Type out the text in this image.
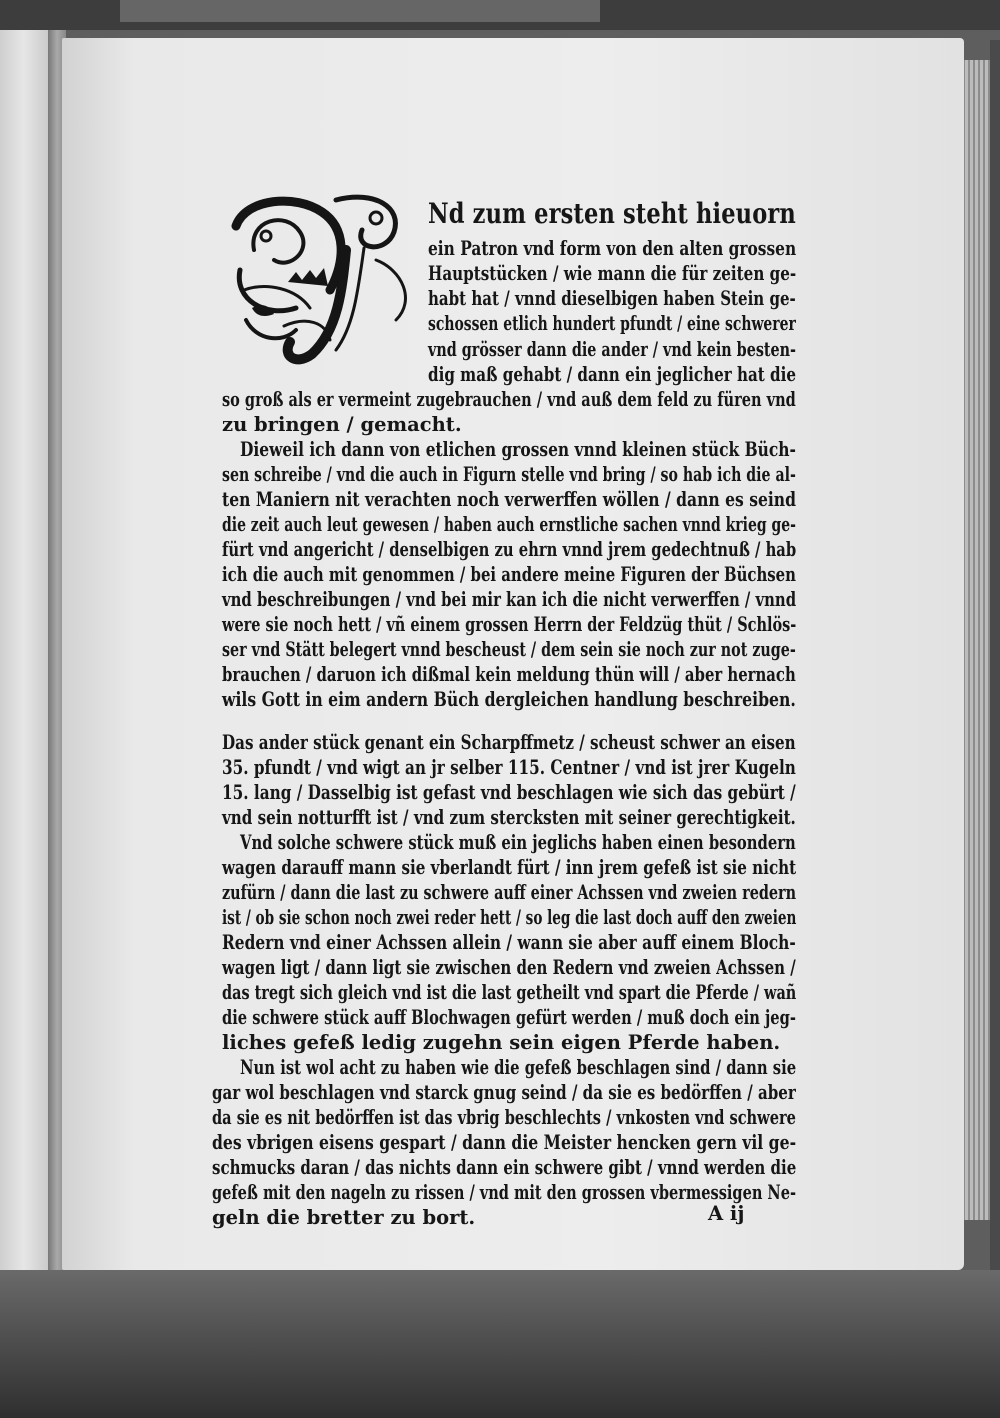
Nd zum ersten steht hieuorn
ein Patron vnd form von den alten grossen
Hauptstücken / wie mann die für zeiten ge-
habt hat / vnnd dieselbigen haben Stein ge-
schossen etlich hundert pfundt / eine schwerer
vnd grösser dann die ander / vnd kein besten-
dig maß gehabt / dann ein jeglicher hat die
so groß als er vermeint zugebrauchen / vnd auß dem feld zu füren vnd
zu bringen / gemacht.
Dieweil ich dann von etlichen grossen vnnd kleinen stück Büch-
sen schreibe / vnd die auch in Figurn stelle vnd bring / so hab ich die al-
ten Maniern nit verachten noch verwerffen wöllen / dann es seind
die zeit auch leut gewesen / haben auch ernstliche sachen vnnd krieg ge-
fürt vnd angericht / denselbigen zu ehrn vnnd jrem gedechtnuß / hab
ich die auch mit genommen / bei andere meine Figuren der Büchsen
vnd beschreibungen / vnd bei mir kan ich die nicht verwerffen / vnnd
were sie noch hett / vñ einem grossen Herrn der Feldzüg thüt / Schlös-
ser vnd Stätt belegert vnnd bescheust / dem sein sie noch zur not zuge-
brauchen / daruon ich dißmal kein meldung thün will / aber hernach
wils Gott in eim andern Büch dergleichen handlung beschreiben.
Das ander stück genant ein Scharpffmetz / scheust schwer an eisen
35. pfundt / vnd wigt an jr selber 115. Centner / vnd ist jrer Kugeln
15. lang / Dasselbig ist gefast vnd beschlagen wie sich das gebürt /
vnd sein notturfft ist / vnd zum stercksten mit seiner gerechtigkeit.
Vnd solche schwere stück muß ein jeglichs haben einen besondern
wagen darauff mann sie vberlandt fürt / inn jrem gefeß ist sie nicht
zufürn / dann die last zu schwere auff einer Achssen vnd zweien redern
ist / ob sie schon noch zwei reder hett / so leg die last doch auff den zweien
Redern vnd einer Achssen allein / wann sie aber auff einem Bloch-
wagen ligt / dann ligt sie zwischen den Redern vnd zweien Achssen /
das tregt sich gleich vnd ist die last getheilt vnd spart die Pferde / wañ
die schwere stück auff Blochwagen gefürt werden / muß doch ein jeg-
liches gefeß ledig zugehn sein eigen Pferde haben.
Nun ist wol acht zu haben wie die gefeß beschlagen sind / dann sie
gar wol beschlagen vnd starck gnug seind / da sie es bedörffen / aber
da sie es nit bedörffen ist das vbrig beschlechts / vnkosten vnd schwere
des vbrigen eisens gespart / dann die Meister hencken gern vil ge-
schmucks daran / das nichts dann ein schwere gibt / vnnd werden die
gefeß mit den nageln zu rissen / vnd mit den grossen vbermessigen Ne-
geln die bretter zu bort.	A ij
